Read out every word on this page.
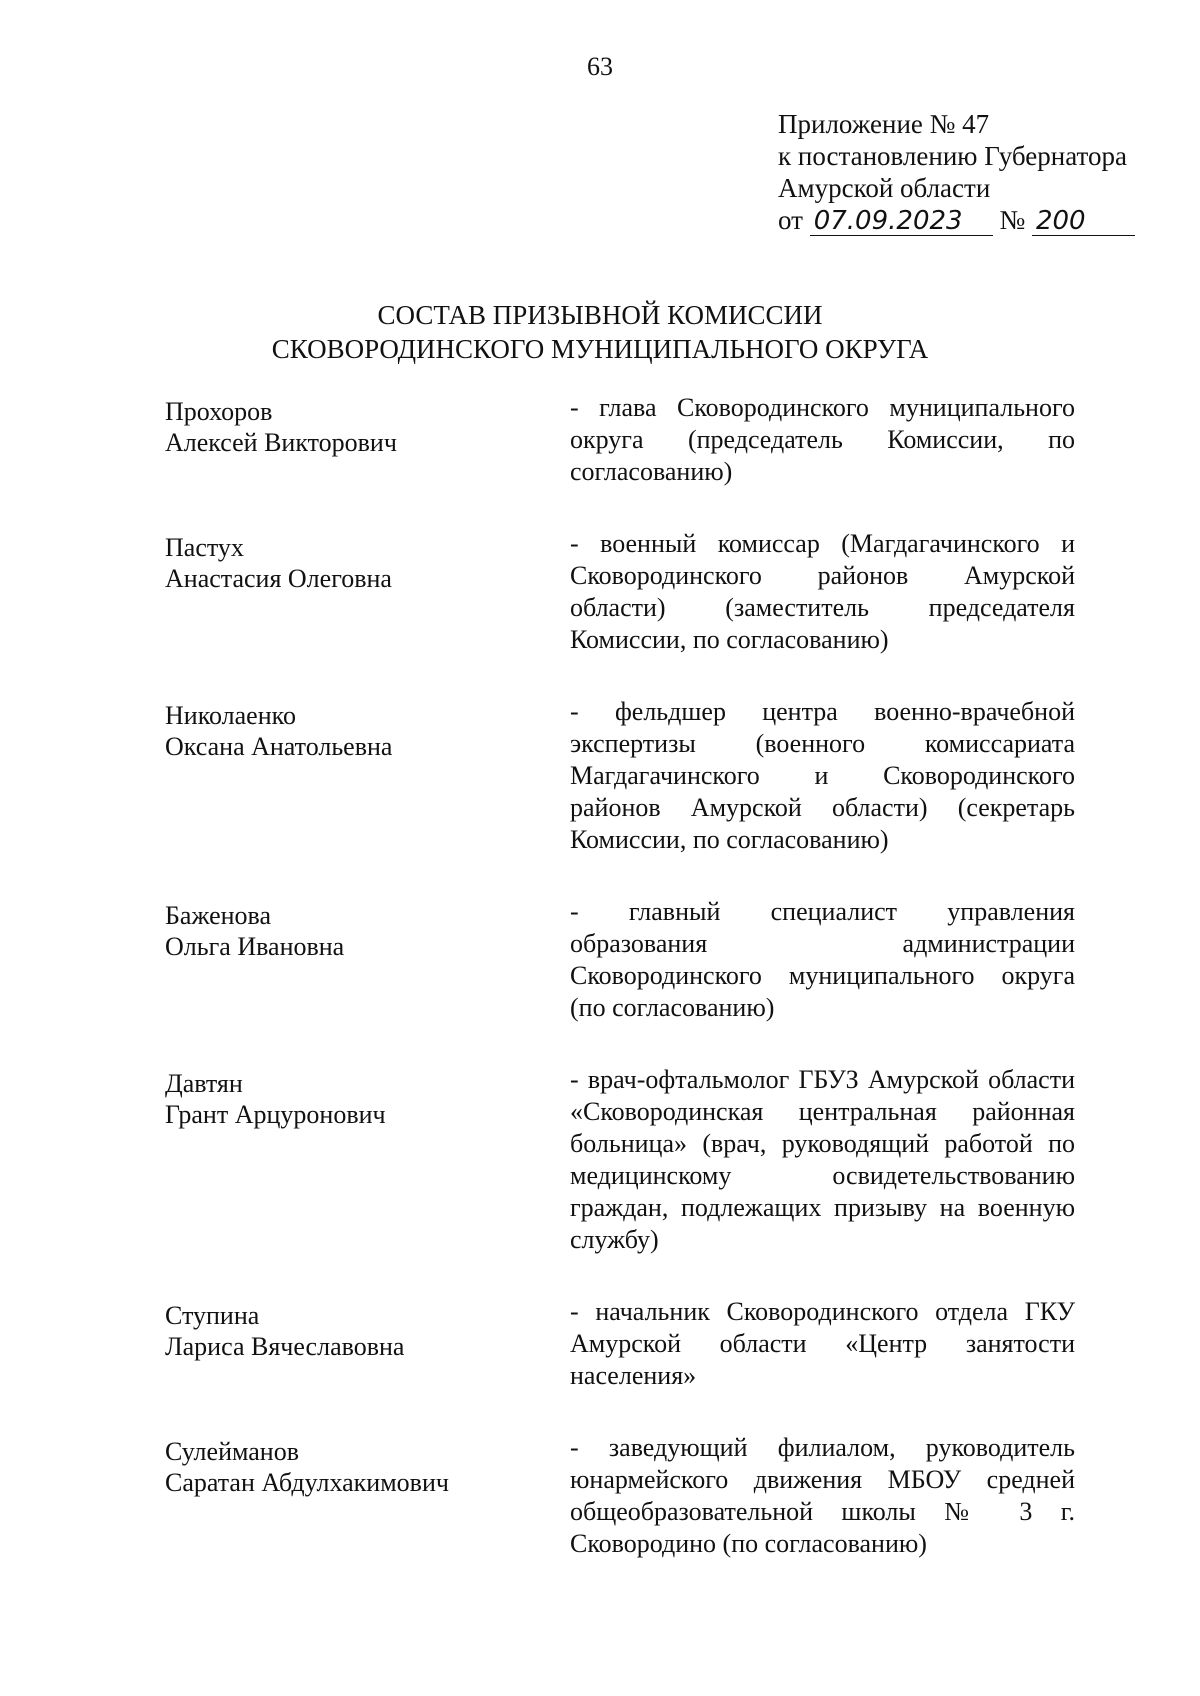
63
Приложение № 47
к постановлению Губернатора
Амурской области
от 07.09.2023 № 200
СОСТАВ ПРИЗЫВНОЙ КОМИССИИ
СКОВОРОДИНСКОГО МУНИЦИПАЛЬНОГО ОКРУГА
Прохоров
Алексей Викторович
- глава Сковородинского муниципального округа (председатель Комиссии, по согласованию)
Пастух
Анастасия Олеговна
- военный комиссар (Магдагачинского и Сковородинского районов Амурской области) (заместитель председателя Комиссии, по согласованию)
Николаенко
Оксана Анатольевна
- фельдшер центра военно-врачебной экспертизы (военного комиссариата Магдагачинского и Сковородинского районов Амурской области) (секретарь Комиссии, по согласованию)
Баженова
Ольга Ивановна
- главный специалист управления образования администрации Сковородинского муниципального округа (по согласованию)
Давтян
Грант Арцуронович
- врач-офтальмолог ГБУЗ Амурской области «Сковородинская центральная районная больница» (врач, руководящий работой по медицинскому освидетельствованию граждан, подлежащих призыву на военную службу)
Ступина
Лариса Вячеславовна
- начальник Сковородинского отдела ГКУ Амурской области «Центр занятости населения»
Сулейманов
Саратан Абдулхакимович
- заведующий филиалом, руководитель юнармейского движения МБОУ средней общеобразовательной школы № 3 г. Сковородино (по согласованию)
